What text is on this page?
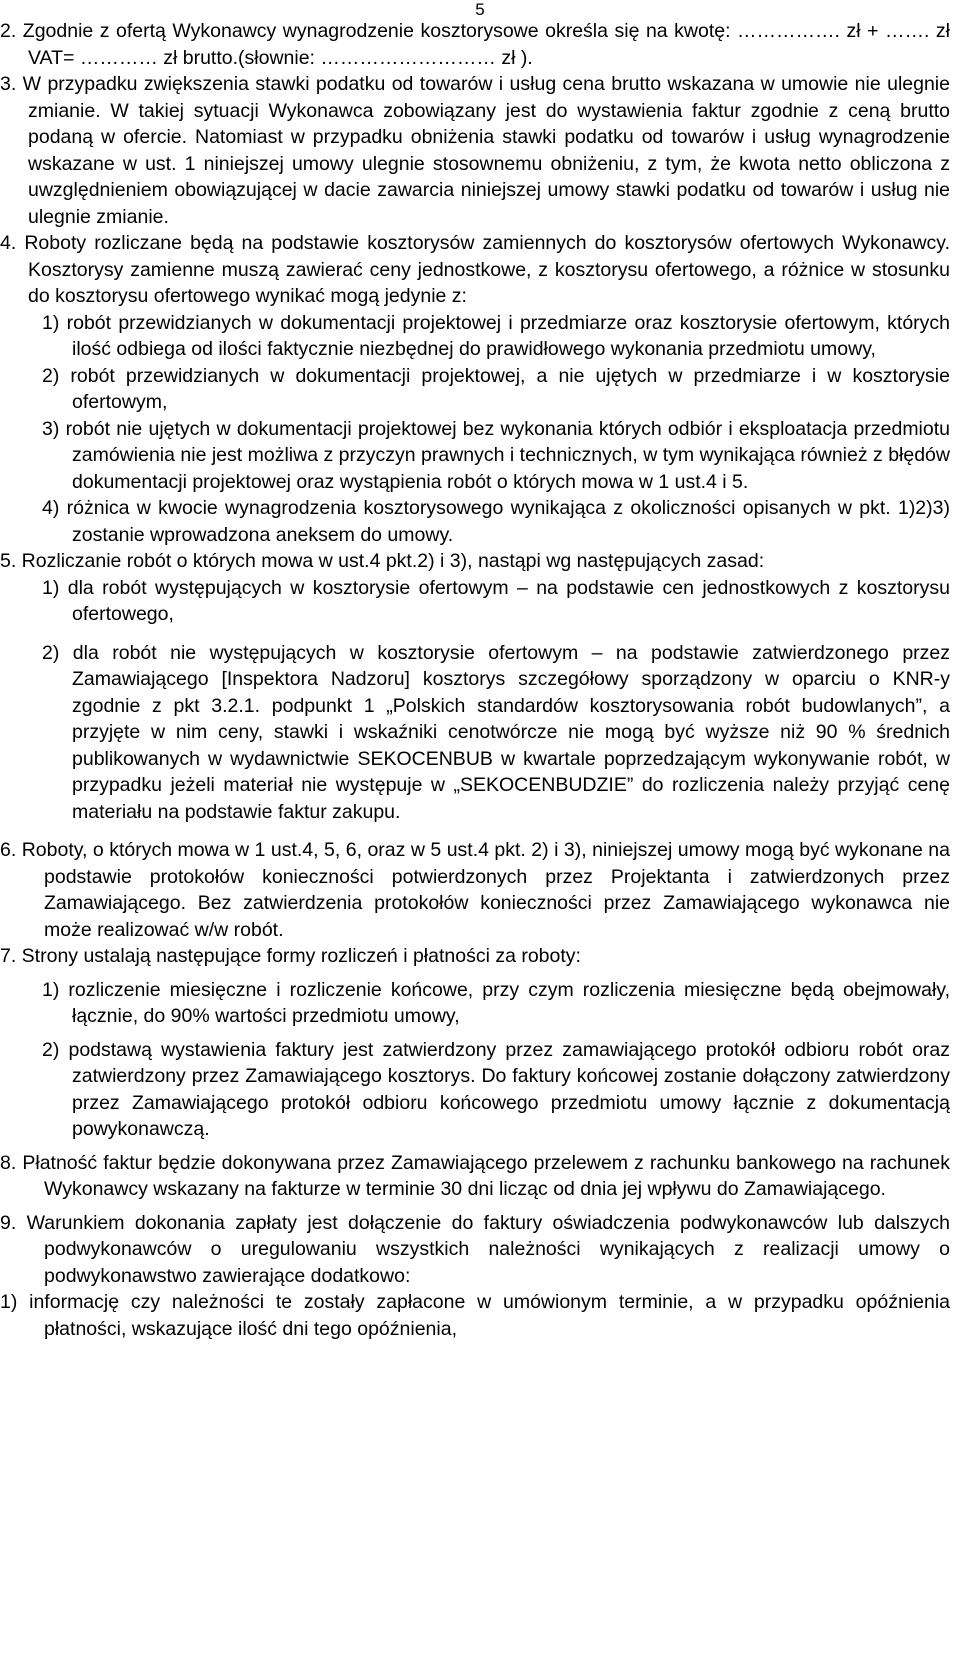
5

2. Zgodnie z ofertą Wykonawcy wynagrodzenie kosztorysowe określa się na kwotę: ……………. zł + ……. zł VAT= ………… zł brutto.(słownie: ……………………… zł ).

3. W przypadku zwiększenia stawki podatku od towarów i usług cena brutto wskazana w umowie nie ulegnie zmianie. W takiej sytuacji Wykonawca zobowiązany jest do wystawienia faktur zgodnie z ceną brutto podaną w ofercie. Natomiast w przypadku obniżenia stawki podatku od towarów i usług wynagrodzenie wskazane w ust. 1 niniejszej umowy ulegnie stosownemu obniżeniu, z tym, że kwota netto obliczona z uwzględnieniem obowiązującej w dacie zawarcia niniejszej umowy stawki podatku od towarów i usług nie ulegnie zmianie.

4. Roboty rozliczane będą na podstawie kosztorysów zamiennych do kosztorysów ofertowych Wykonawcy. Kosztorysy zamienne muszą zawierać ceny jednostkowe, z kosztorysu ofertowego, a różnice w stosunku do kosztorysu ofertowego wynikać mogą jedynie z:

1) robót przewidzianych w dokumentacji projektowej i przedmiarze oraz kosztorysie ofertowym, których ilość odbiega od ilości faktycznie niezbędnej do prawidłowego wykonania przedmiotu umowy,

2) robót przewidzianych w dokumentacji projektowej, a nie ujętych w przedmiarze i w kosztorysie ofertowym,

3) robót nie ujętych w dokumentacji projektowej bez wykonania których odbiór i eksploatacja przedmiotu zamówienia nie jest możliwa z przyczyn prawnych i technicznych, w tym wynikająca również z błędów dokumentacji projektowej oraz wystąpienia robót o których mowa w 1 ust.4 i 5.

4) różnica w kwocie wynagrodzenia kosztorysowego wynikająca z okoliczności opisanych w pkt. 1)2)3) zostanie wprowadzona aneksem do umowy.

5. Rozliczanie robót o których mowa w ust.4 pkt.2) i 3), nastąpi wg następujących zasad:

1) dla robót występujących w kosztorysie ofertowym – na podstawie cen jednostkowych z kosztorysu ofertowego,

2) dla robót nie występujących w kosztorysie ofertowym – na podstawie zatwierdzonego przez Zamawiającego [Inspektora Nadzoru] kosztorys szczegółowy sporządzony w oparciu o KNR-y zgodnie z pkt 3.2.1. podpunkt 1 „Polskich standardów kosztorysowania robót budowlanych”, a przyjęte w nim ceny, stawki i wskaźniki cenotwórcze nie mogą być wyższe niż 90 % średnich publikowanych w wydawnictwie SEKOCENBUB w kwartale poprzedzającym wykonywanie robót, w przypadku jeżeli materiał nie występuje w „SEKOCENBUDZIE” do rozliczenia należy przyjąć cenę materiału na podstawie faktur zakupu.

6. Roboty, o których mowa w 1 ust.4, 5, 6, oraz w 5 ust.4 pkt. 2) i 3), niniejszej umowy mogą być wykonane na podstawie protokołów konieczności potwierdzonych przez Projektanta i zatwierdzonych przez Zamawiającego. Bez zatwierdzenia protokołów konieczności przez Zamawiającego wykonawca nie może realizować w/w robót.

7. Strony ustalają następujące formy rozliczeń i płatności za roboty:

1) rozliczenie miesięczne i rozliczenie końcowe, przy czym rozliczenia miesięczne będą obejmowały, łącznie, do 90% wartości przedmiotu umowy,

2) podstawą wystawienia faktury jest zatwierdzony przez zamawiającego protokół odbioru robót oraz zatwierdzony przez Zamawiającego kosztorys. Do faktury końcowej zostanie dołączony zatwierdzony przez Zamawiającego protokół odbioru końcowego przedmiotu umowy łącznie z dokumentacją powykonawczą.

8. Płatność faktur będzie dokonywana przez Zamawiającego przelewem z rachunku bankowego na rachunek Wykonawcy wskazany na fakturze w terminie 30 dni licząc od dnia jej wpływu do Zamawiającego.

9. Warunkiem dokonania zapłaty jest dołączenie do faktury oświadczenia podwykonawców lub dalszych podwykonawców o uregulowaniu wszystkich należności wynikających z realizacji umowy o podwykonawstwo zawierające dodatkowo:

1) informację czy należności te zostały zapłacone w umówionym terminie, a w przypadku opóźnienia płatności, wskazujące ilość dni tego opóźnienia,
